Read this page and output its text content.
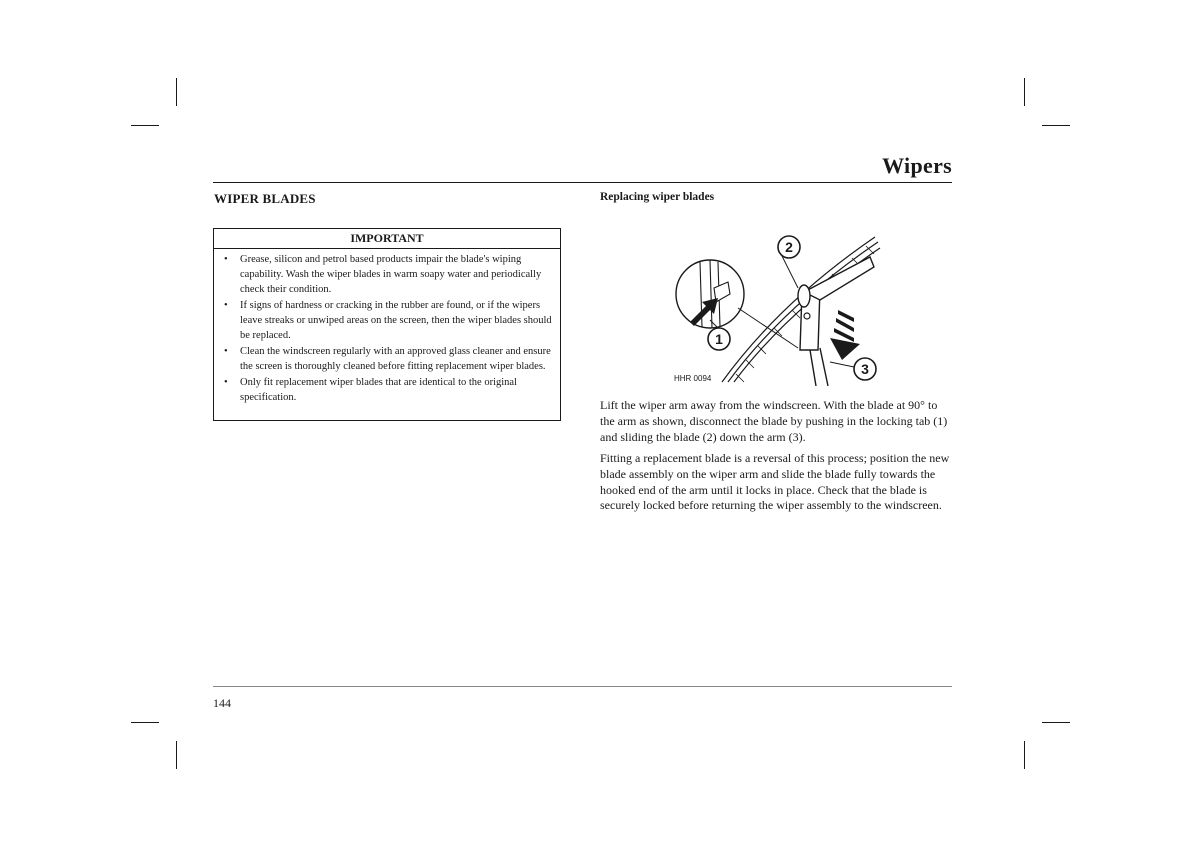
Wipers
WIPER BLADES
IMPORTANT
• Grease, silicon and petrol based products impair the blade's wiping capability. Wash the wiper blades in warm soapy water and periodically check their condition.
• If signs of hardness or cracking in the rubber are found, or if the wipers leave streaks or unwiped areas on the screen, then the wiper blades should be replaced.
• Clean the windscreen regularly with an approved glass cleaner and ensure the screen is thoroughly cleaned before fitting replacement wiper blades.
• Only fit replacement wiper blades that are identical to the original specification.
Replacing wiper blades
2
1
3
HHR 0094

Lift the wiper arm away from the windscreen. With the blade at 90° to the arm as shown, disconnect the blade by pushing in the locking tab (1) and sliding the blade (2) down the arm (3).

Fitting a replacement blade is a reversal of this process; position the new blade assembly on the wiper arm and slide the blade fully towards the hooked end of the arm until it locks in place. Check that the blade is securely locked before returning the wiper assembly to the windscreen.

144
